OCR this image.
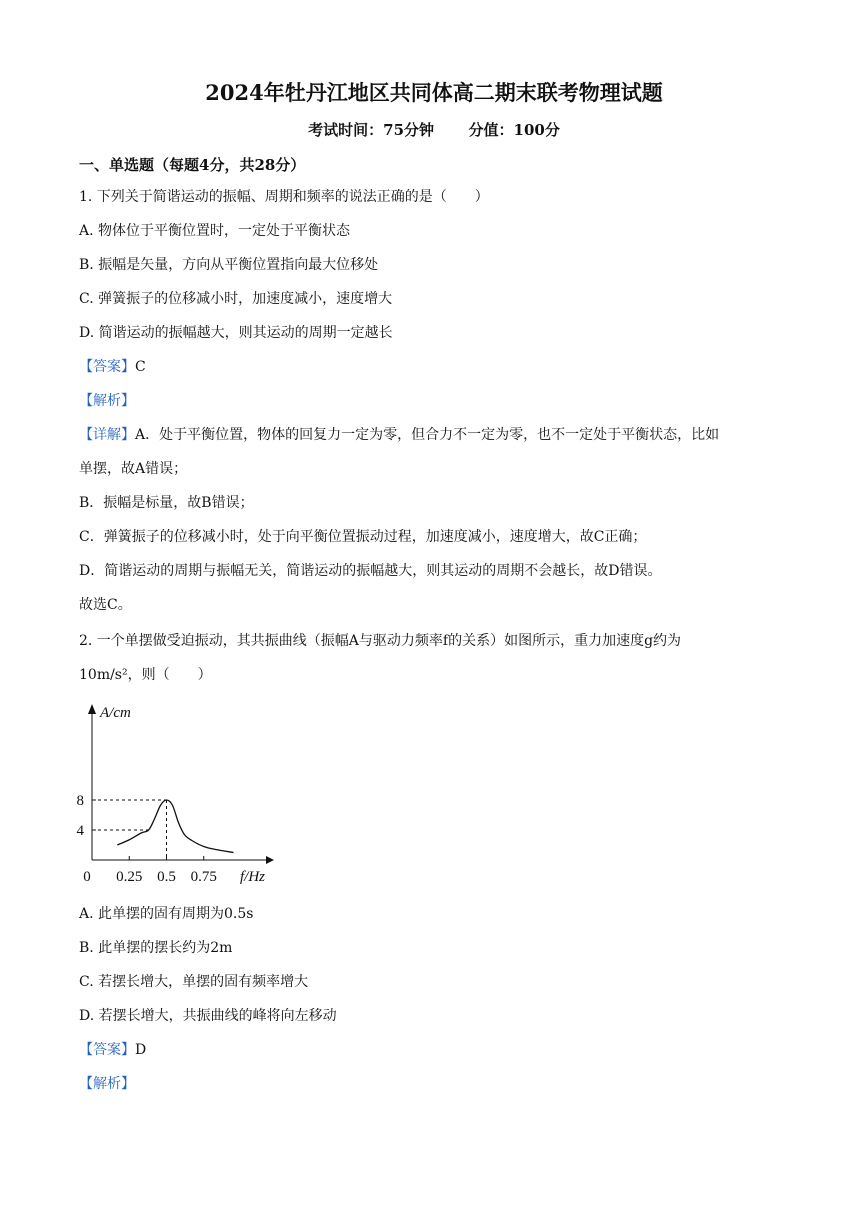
2024年牡丹江地区共同体高二期末联考物理试题
考试时间：75分钟 分值：100分
一、单选题（每题4分，共28分）
1. 下列关于简谐运动的振幅、周期和频率的说法正确的是（　　）
A. 物体位于平衡位置时，一定处于平衡状态
B. 振幅是矢量，方向从平衡位置指向最大位移处
C. 弹簧振子的位移减小时，加速度减小，速度增大
D. 简谐运动的振幅越大，则其运动的周期一定越长
【答案】C
【解析】
【详解】A．处于平衡位置，物体的回复力一定为零，但合力不一定为零，也不一定处于平衡状态，比如
单摆，故A错误；
B．振幅是标量，故B错误；
C．弹簧振子的位移减小时，处于向平衡位置振动过程，加速度减小，速度增大，故C正确；
D．简谐运动的周期与振幅无关，简谐运动的振幅越大，则其运动的周期不会越长，故D错误。
故选C。
2. 一个单摆做受迫振动，其共振曲线（振幅A与驱动力频率f的关系）如图所示，重力加速度g约为
10m/s²，则（　　）
A/cm
f/Hz
0 0.25 0.5 0.75
4
8
A. 此单摆的固有周期为0.5s
B. 此单摆的摆长约为2m
C. 若摆长增大，单摆的固有频率增大
D. 若摆长增大，共振曲线的峰将向左移动
【答案】D
【解析】
